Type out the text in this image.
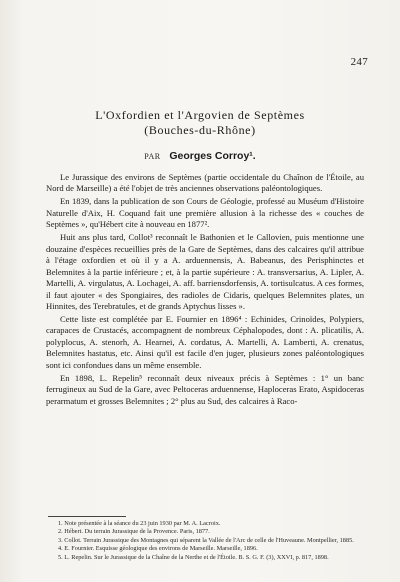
247
L'Oxfordien et l'Argovien de Septèmes
(Bouches-du-Rhône)
PAR Georges Corroy¹.

Le Jurassique des environs de Septèmes (partie occidentale du Chaînon de l'Étoile, au Nord de Marseille) a été l'objet de très anciennes observations paléontologiques.

En 1839, dans la publication de son Cours de Géologie, professé au Muséum d'Histoire Naturelle d'Aix, H. Coquand fait une première allusion à la richesse des « couches de Septèmes », qu'Hébert cite à nouveau en 1877².

Huit ans plus tard, Collot³ reconnaît le Bathonien et le Callovien, puis mentionne une douzaine d'espèces recueillies près de la Gare de Septèmes, dans des calcaires qu'il attribue à l'étage oxfordien et où il y a A. arduennensis, A. Babeanus, des Perisphinctes et Belemnites à la partie inférieure ; et, à la partie supérieure : A. transversarius, A. Lipler, A. Martelli, A. virgulatus, A. Lochagei, A. aff. barriensdorfensis, A. tortisulcatus. A ces formes, il faut ajouter « des Spongiaires, des radioles de Cidaris, quelques Belemnites plates, un Hinnites, des Terebratules, et de grands Aptychus lisses ».

Cette liste est complétée par E. Fournier en 1896⁴ : Echinides, Crinoïdes, Polypiers, carapaces de Crustacés, accompagnent de nombreux Céphalopodes, dont : A. plicatilis, A. polyplocus, A. stenorh, A. Hearnei, A. cordatus, A. Martelli, A. Lamberti, A. crenatus, Belemnites hastatus, etc. Ainsi qu'il est facile d'en juger, plusieurs zones paléontologiques sont ici confondues dans un même ensemble.

En 1898, L. Repelin⁵ reconnaît deux niveaux précis à Septèmes : 1° un banc ferrugineux au Sud de la Gare, avec Peltoceras arduennense, Haploceras Erato, Aspidoceras perarmatum et grosses Belemnites ; 2° plus au Sud, des calcaires à Raco-

1. Note présentée à la séance du 23 juin 1930 par M. A. Lacroix.

2. Hébert. Du terrain Jurassique de la Provence. Paris, 1877.

3. Collot. Terrain Jurassique des Montagnes qui séparent la Vallée de l'Arc de celle de l'Huveaune. Montpellier, 1885.

4. E. Fournier. Esquisse géologique des environs de Marseille. Marseille, 1896.

5. L. Repelin. Sur le Jurassique de la Chaîne de la Nerthe et de l'Étoile. B. S. G. F. (3), XXVI, p. 817, 1898.
